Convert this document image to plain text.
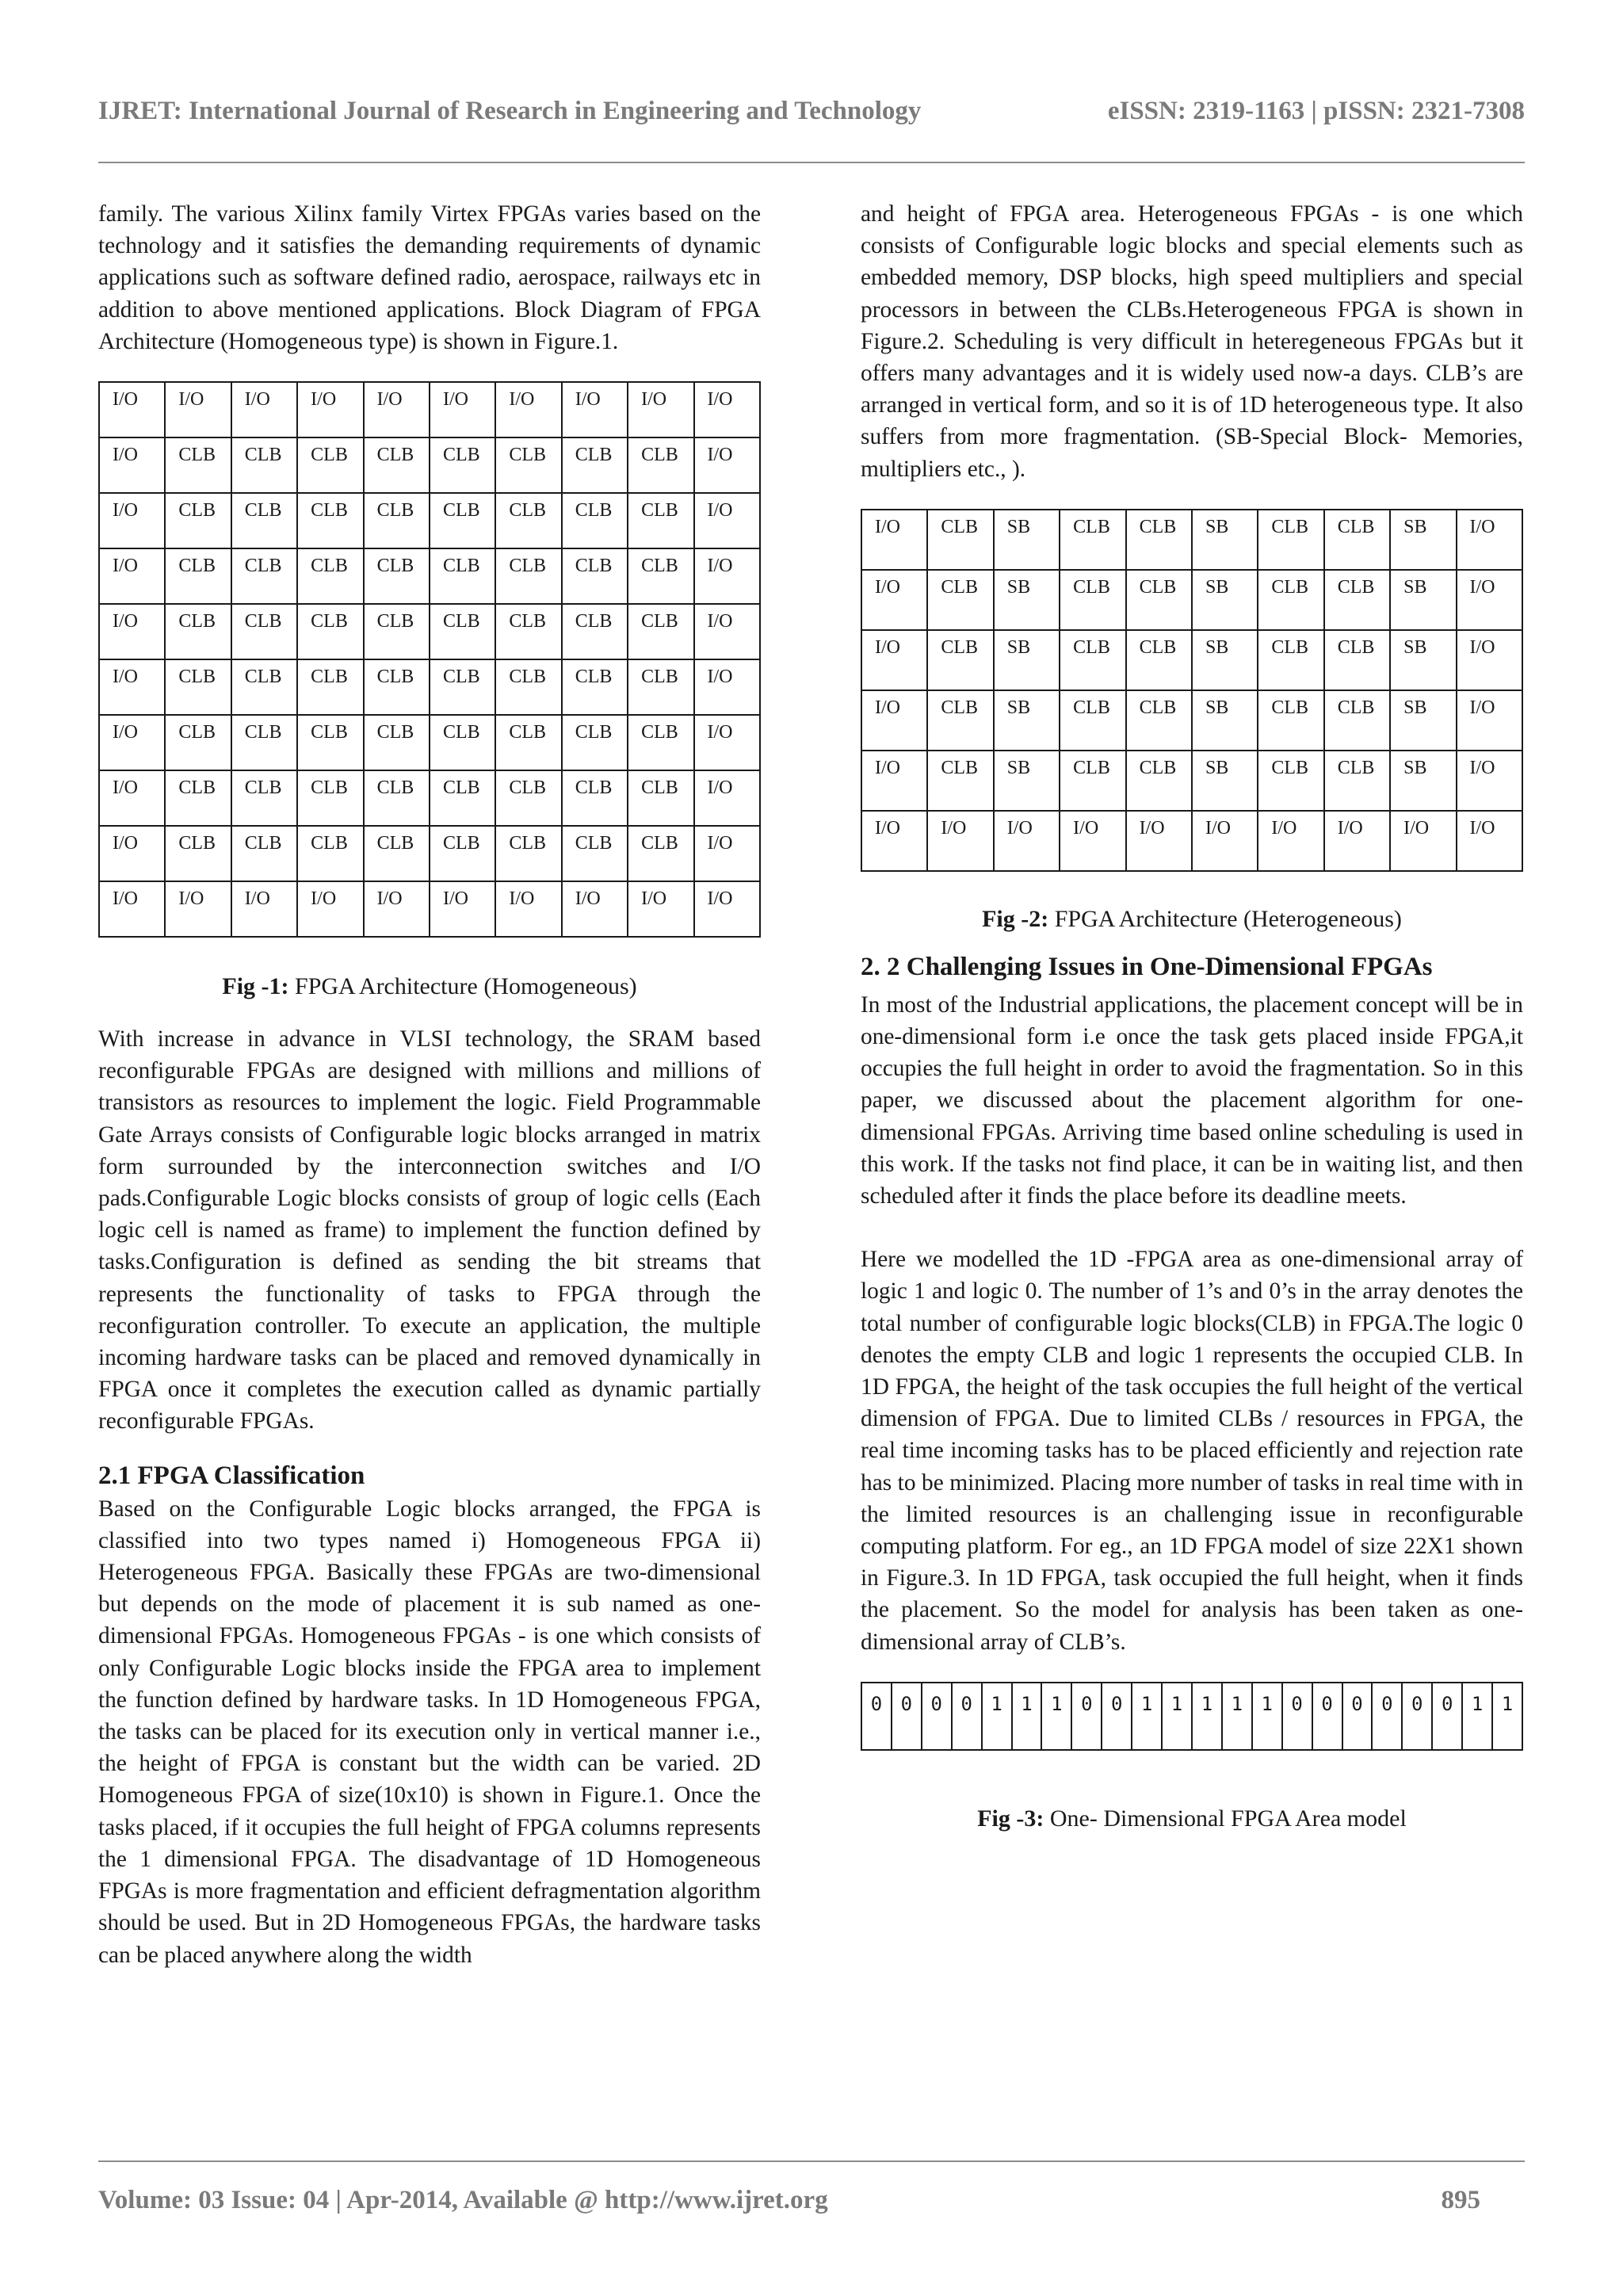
IJRET: International Journal of Research in Engineering and Technology	eISSN: 2319-1163 | pISSN: 2321-7308

family. The various Xilinx family Virtex FPGAs varies based on the technology and it satisfies the demanding requirements of dynamic applications such as software defined radio, aerospace, railways etc in addition to above mentioned applications. Block Diagram of FPGA Architecture (Homogeneous type) is shown in Figure.1.

I/O	I/O	I/O	I/O	I/O	I/O	I/O	I/O	I/O	I/O
I/O	CLB	CLB	CLB	CLB	CLB	CLB	CLB	CLB	I/O
I/O	CLB	CLB	CLB	CLB	CLB	CLB	CLB	CLB	I/O
I/O	CLB	CLB	CLB	CLB	CLB	CLB	CLB	CLB	I/O
I/O	CLB	CLB	CLB	CLB	CLB	CLB	CLB	CLB	I/O
I/O	CLB	CLB	CLB	CLB	CLB	CLB	CLB	CLB	I/O
I/O	CLB	CLB	CLB	CLB	CLB	CLB	CLB	CLB	I/O
I/O	CLB	CLB	CLB	CLB	CLB	CLB	CLB	CLB	I/O
I/O	CLB	CLB	CLB	CLB	CLB	CLB	CLB	CLB	I/O
I/O	I/O	I/O	I/O	I/O	I/O	I/O	I/O	I/O	I/O
Fig -1: FPGA Architecture (Homogeneous)

With increase in advance in VLSI technology, the SRAM based reconfigurable FPGAs are designed with millions and millions of transistors as resources to implement the logic. Field Programmable Gate Arrays consists of Configurable logic blocks arranged in matrix form surrounded by the interconnection switches and I/O pads.Configurable Logic blocks consists of group of logic cells (Each logic cell is named as frame) to implement the function defined by tasks.Configuration is defined as sending the bit streams that represents the functionality of tasks to FPGA through the reconfiguration controller. To execute an application, the multiple incoming hardware tasks can be placed and removed dynamically in FPGA once it completes the execution called as dynamic partially reconfigurable FPGAs.

2.1 FPGA Classification

Based on the Configurable Logic blocks arranged, the FPGA is classified into two types named i) Homogeneous FPGA ii) Heterogeneous FPGA. Basically these FPGAs are two-dimensional but depends on the mode of placement it is sub named as one-dimensional FPGAs. Homogeneous FPGAs - is one which consists of only Configurable Logic blocks inside the FPGA area to implement the function defined by hardware tasks. In 1D Homogeneous FPGA, the tasks can be placed for its execution only in vertical manner i.e., the height of FPGA is constant but the width can be varied. 2D Homogeneous FPGA of size(10x10) is shown in Figure.1. Once the tasks placed, if it occupies the full height of FPGA columns represents the 1 dimensional FPGA. The disadvantage of 1D Homogeneous FPGAs is more fragmentation and efficient defragmentation algorithm should be used. But in 2D Homogeneous FPGAs, the hardware tasks can be placed anywhere along the width

and height of FPGA area. Heterogeneous FPGAs - is one which consists of Configurable logic blocks and special elements such as embedded memory, DSP blocks, high speed multipliers and special processors in between the CLBs.Heterogeneous FPGA is shown in Figure.2. Scheduling is very difficult in heteregeneous FPGAs but it offers many advantages and it is widely used now-a days. CLB’s are arranged in vertical form, and so it is of 1D heterogeneous type. It also suffers from more fragmentation. (SB-Special Block- Memories, multipliers etc., ).

I/O	CLB	SB	CLB	CLB	SB	CLB	CLB	SB	I/O
I/O	CLB	SB	CLB	CLB	SB	CLB	CLB	SB	I/O
I/O	CLB	SB	CLB	CLB	SB	CLB	CLB	SB	I/O
I/O	CLB	SB	CLB	CLB	SB	CLB	CLB	SB	I/O
I/O	CLB	SB	CLB	CLB	SB	CLB	CLB	SB	I/O
I/O	I/O	I/O	I/O	I/O	I/O	I/O	I/O	I/O	I/O
Fig -2: FPGA Architecture (Heterogeneous)
2. 2 Challenging Issues in One-Dimensional FPGAs

In most of the Industrial applications, the placement concept will be in one-dimensional form i.e once the task gets placed inside FPGA,it occupies the full height in order to avoid the fragmentation. So in this paper, we discussed about the placement algorithm for one-dimensional FPGAs. Arriving time based online scheduling is used in this work. If the tasks not find place, it can be in waiting list, and then scheduled after it finds the place before its deadline meets.

Here we modelled the 1D -FPGA area as one-dimensional array of logic 1 and logic 0. The number of 1’s and 0’s in the array denotes the total number of configurable logic blocks(CLB) in FPGA.The logic 0 denotes the empty CLB and logic 1 represents the occupied CLB. In 1D FPGA, the height of the task occupies the full height of the vertical dimension of FPGA. Due to limited CLBs / resources in FPGA, the real time incoming tasks has to be placed efficiently and rejection rate has to be minimized. Placing more number of tasks in real time with in the limited resources is an challenging issue in reconfigurable computing platform. For eg., an 1D FPGA model of size 22X1 shown in Figure.3. In 1D FPGA, task occupied the full height, when it finds the placement. So the model for analysis has been taken as one-dimensional array of CLB’s.

0	0	0	0	1	1	1	0	0	1	1	1	1	1	0	0	0	0	0	0	1	1
Fig -3: One- Dimensional FPGA Area model
Volume: 03 Issue: 04 | Apr-2014, Available @ http://www.ijret.org	895
